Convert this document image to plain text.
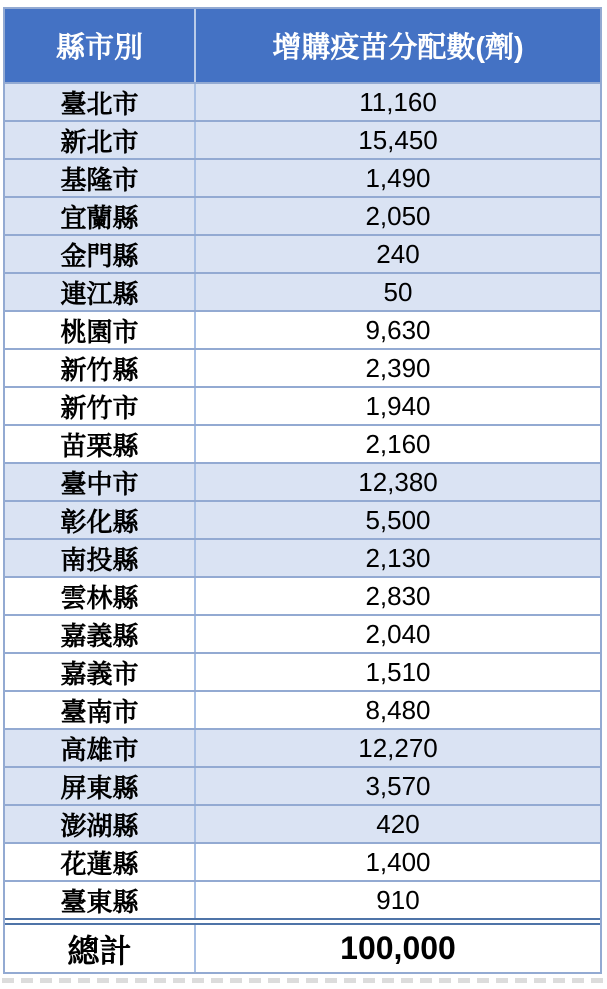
縣市別	增購疫苗分配數(劑)
臺北市	11,160
新北市	15,450
基隆市	1,490
宜蘭縣	2,050
金門縣	240
連江縣	50
桃園市	9,630
新竹縣	2,390
新竹市	1,940
苗栗縣	2,160
臺中市	12,380
彰化縣	5,500
南投縣	2,130
雲林縣	2,830
嘉義縣	2,040
嘉義市	1,510
臺南市	8,480
高雄市	12,270
屏東縣	3,570
澎湖縣	420
花蓮縣	1,400
臺東縣	910
總計	100,000
